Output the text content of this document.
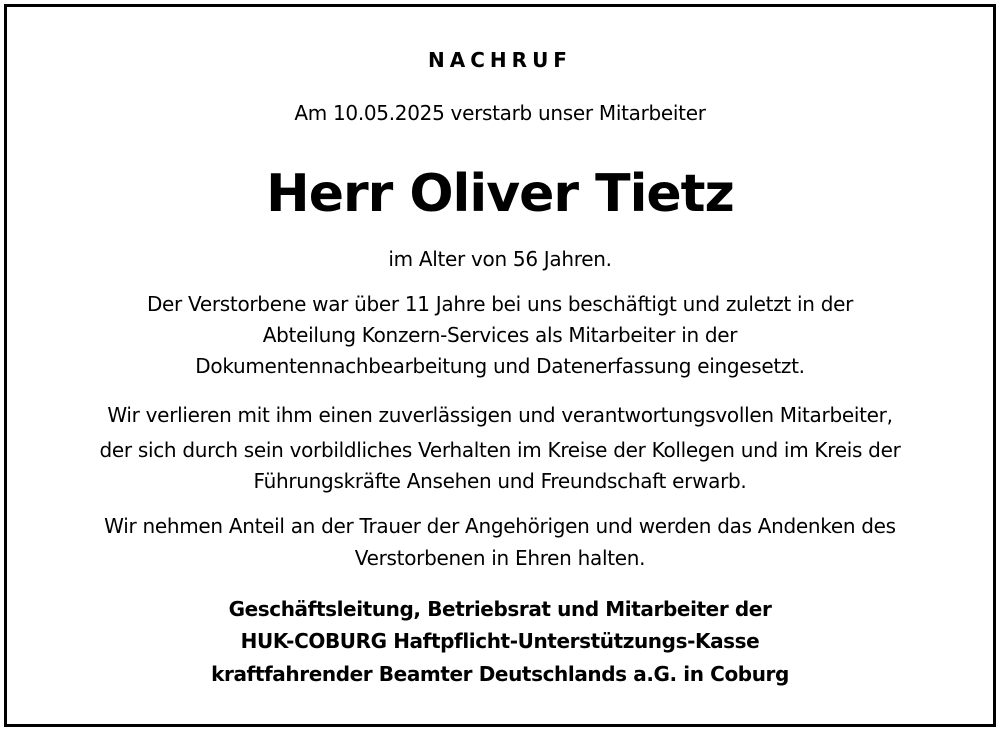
NACHRUF
Am 10.05.2025 verstarb unser Mitarbeiter
Herr Oliver Tietz
im Alter von 56 Jahren.
Der Verstorbene war über 11 Jahre bei uns beschäftigt und zuletzt in der
Abteilung Konzern-Services als Mitarbeiter in der
Dokumentennachbearbeitung und Datenerfassung eingesetzt.
Wir verlieren mit ihm einen zuverlässigen und verantwortungsvollen Mitarbeiter,
der sich durch sein vorbildliches Verhalten im Kreise der Kollegen und im Kreis der
Führungskräfte Ansehen und Freundschaft erwarb.
Wir nehmen Anteil an der Trauer der Angehörigen und werden das Andenken des
Verstorbenen in Ehren halten.
Geschäftsleitung, Betriebsrat und Mitarbeiter der
HUK-COBURG Haftpflicht-Unterstützungs-Kasse
kraftfahrender Beamter Deutschlands a.G. in Coburg
